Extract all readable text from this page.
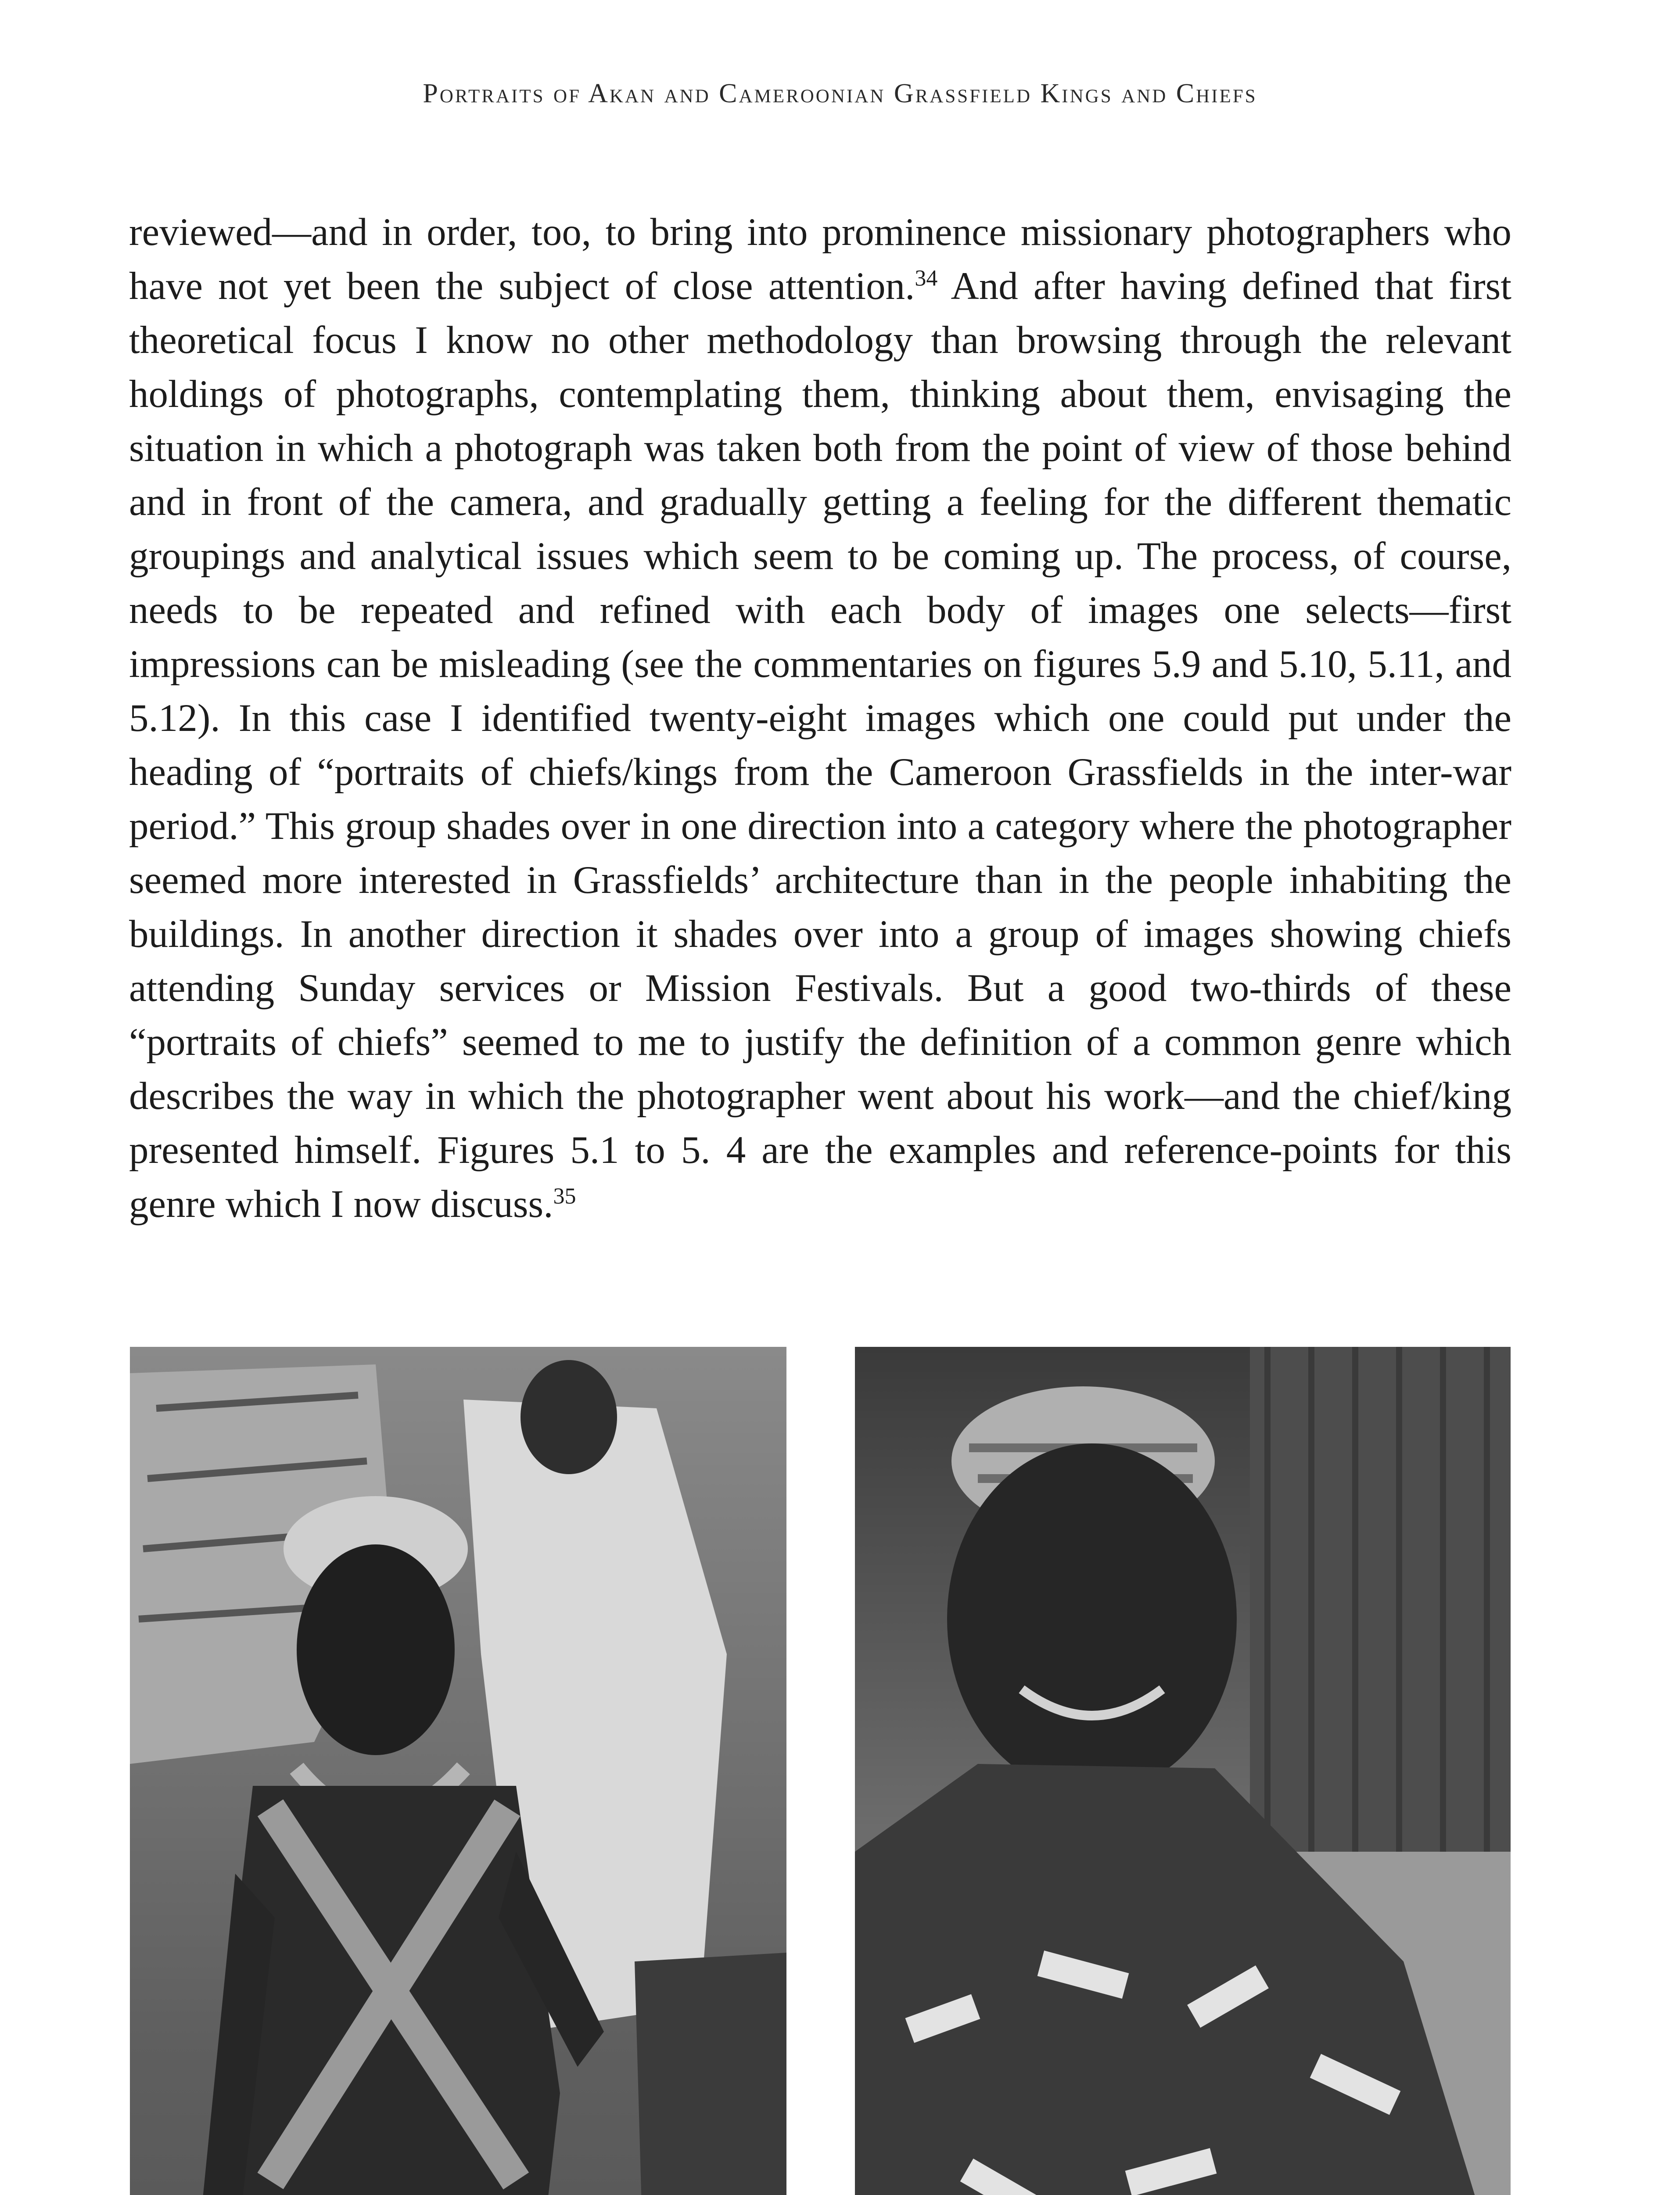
Portraits of Akan and Cameroonian Grassfield Kings and Chiefs
reviewed—and in order, too, to bring into prominence missionary photographers who have not yet been the subject of close attention.$^{34}$ And after having defined that first theoretical focus I know no other methodology than browsing through the relevant holdings of photographs, contemplating them, thinking about them, envisaging the situation in which a photograph was taken both from the point of view of those behind and in front of the camera, and gradually getting a feeling for the different thematic groupings and analytical issues which seem to be coming up. The process, of course, needs to be repeated and refined with each body of images one selects—first impressions can be misleading (see the commentaries on figures 5.9 and 5.10, 5.11, and 5.12). In this case I identified twenty-eight images which one could put under the heading of “portraits of chiefs/kings from the Cameroon Grassfields in the inter-war period.” This group shades over in one direction into a category where the photographer seemed more interested in Grassfields’ architecture than in the people inhabiting the buildings. In another direction it shades over into a group of images showing chiefs attending Sunday services or Mission Festivals. But a good two-thirds of these “portraits of chiefs” seemed to me to justify the definition of a common genre which describes the way in which the photographer went about his work—and the chief/king presented himself. Figures 5.1 to 5. 4 are the examples and reference-points for this genre which I now discuss.$^{35}$
